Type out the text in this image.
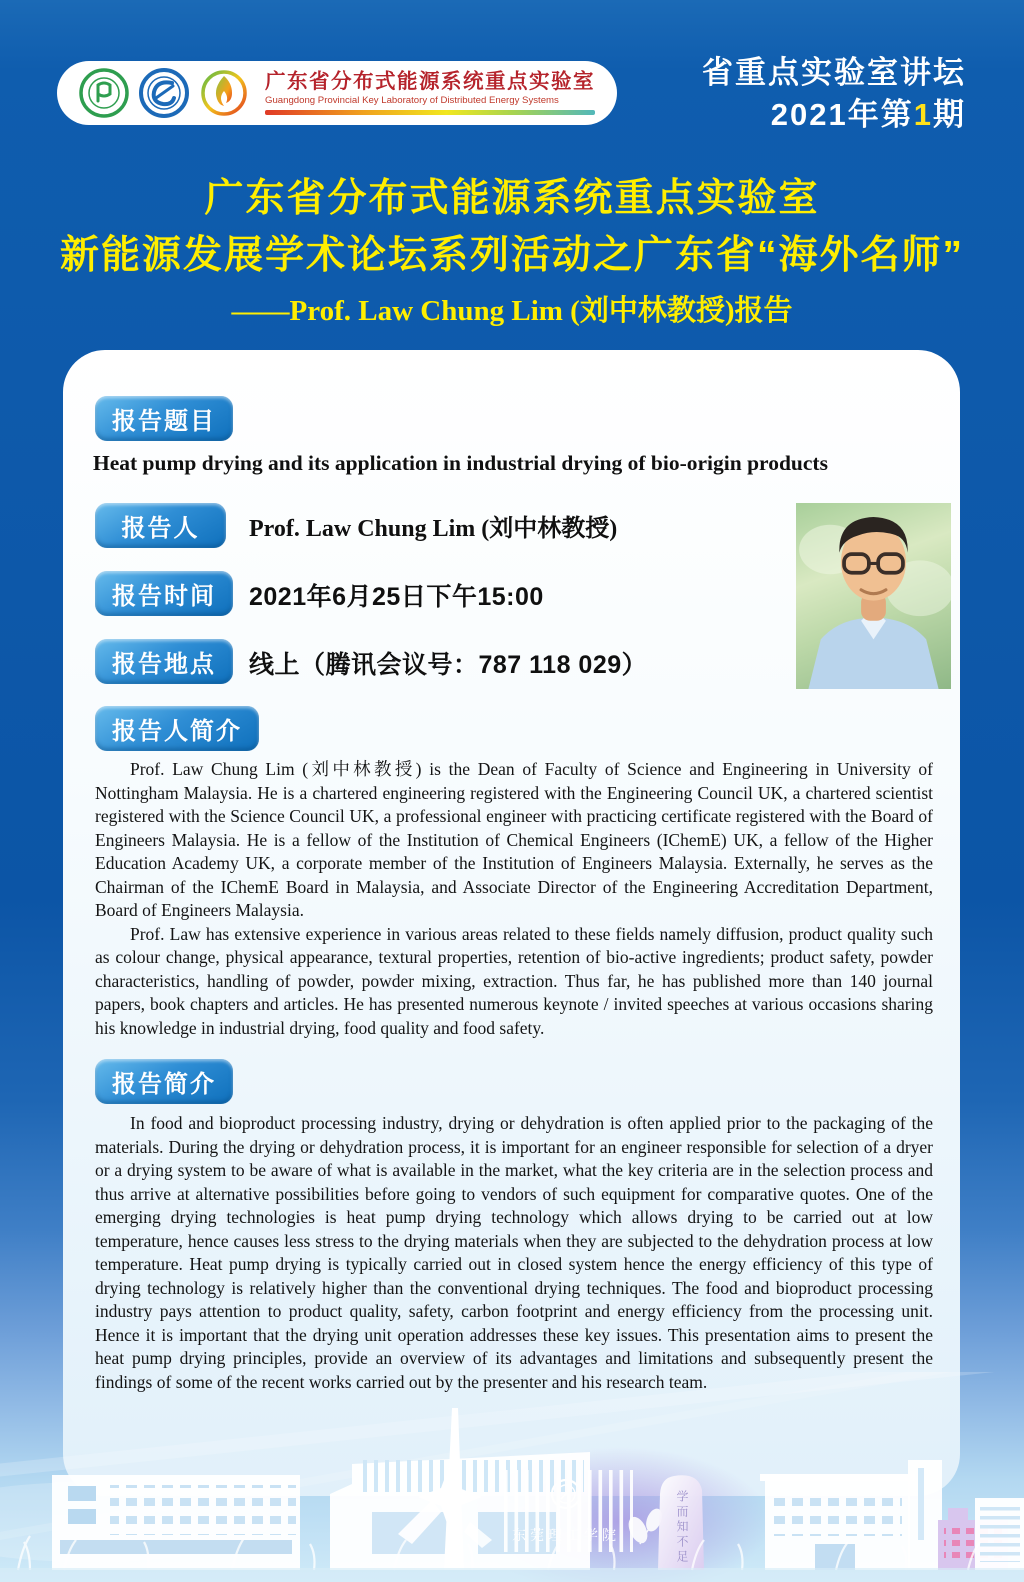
广东省分布式能源系统重点实验室
Guangdong Provincial Key Laboratory of Distributed Energy Systems
省重点实验室讲坛
2021年第1期
广东省分布式能源系统重点实验室
新能源发展学术论坛系列活动之广东省“海外名师”
——Prof. Law Chung Lim (刘中林教授)报告
报告题目
Heat pump drying and its application in industrial drying of bio-origin products
报告人	Prof. Law Chung Lim (刘中林教授)
报告时间	2021年6月25日下午15:00
报告地点	线上（腾讯会议号：787 118 029）
报告人简介

Prof. Law Chung Lim (刘中林教授) is the Dean of Faculty of Science and Engineering in University of Nottingham Malaysia. He is a chartered engineering registered with the Engineering Council UK, a chartered scientist registered with the Science Council UK, a professional engineer with practicing certificate registered with the Board of Engineers Malaysia. He is a fellow of the Institution of Chemical Engineers (IChemE) UK, a fellow of the Higher Education Academy UK, a corporate member of the Institution of Engineers Malaysia. Externally, he serves as the Chairman of the IChemE Board in Malaysia, and Associate Director of the Engineering Accreditation Department, Board of Engineers Malaysia.

Prof. Law has extensive experience in various areas related to these fields namely diffusion, product quality such as colour change, physical appearance, textural properties, retention of bio-active ingredients; product safety, powder characteristics, handling of powder, powder mixing, extraction. Thus far, he has published more than 140 journal papers, book chapters and articles. He has presented numerous keynote / invited speeches at various occasions sharing his knowledge in industrial drying, food quality and food safety.

报告简介

In food and bioproduct processing industry, drying or dehydration is often applied prior to the packaging of the materials. During the drying or dehydration process, it is important for an engineer responsible for selection of a dryer or a drying system to be aware of what is available in the market, what the key criteria are in the selection process and thus arrive at alternative possibilities before going to vendors of such equipment for comparative quotes. One of the emerging drying technologies is heat pump drying technology which allows drying to be carried out at low temperature, hence causes less stress to the drying materials when they are subjected to the dehydration process at low temperature. Heat pump drying is typically carried out in closed system hence the energy efficiency of this type of drying technology is relatively higher than the conventional drying techniques. The food and bioproduct processing industry pays attention to product quality, safety, carbon footprint and energy efficiency from the processing unit. Hence it is important that the drying unit operation addresses these key issues. This presentation aims to present the heat pump drying principles, provide an overview of its advantages and limitations and subsequently present the findings of some of the recent works carried out by the presenter and his research team.

东莞理工学院	学而知不足
